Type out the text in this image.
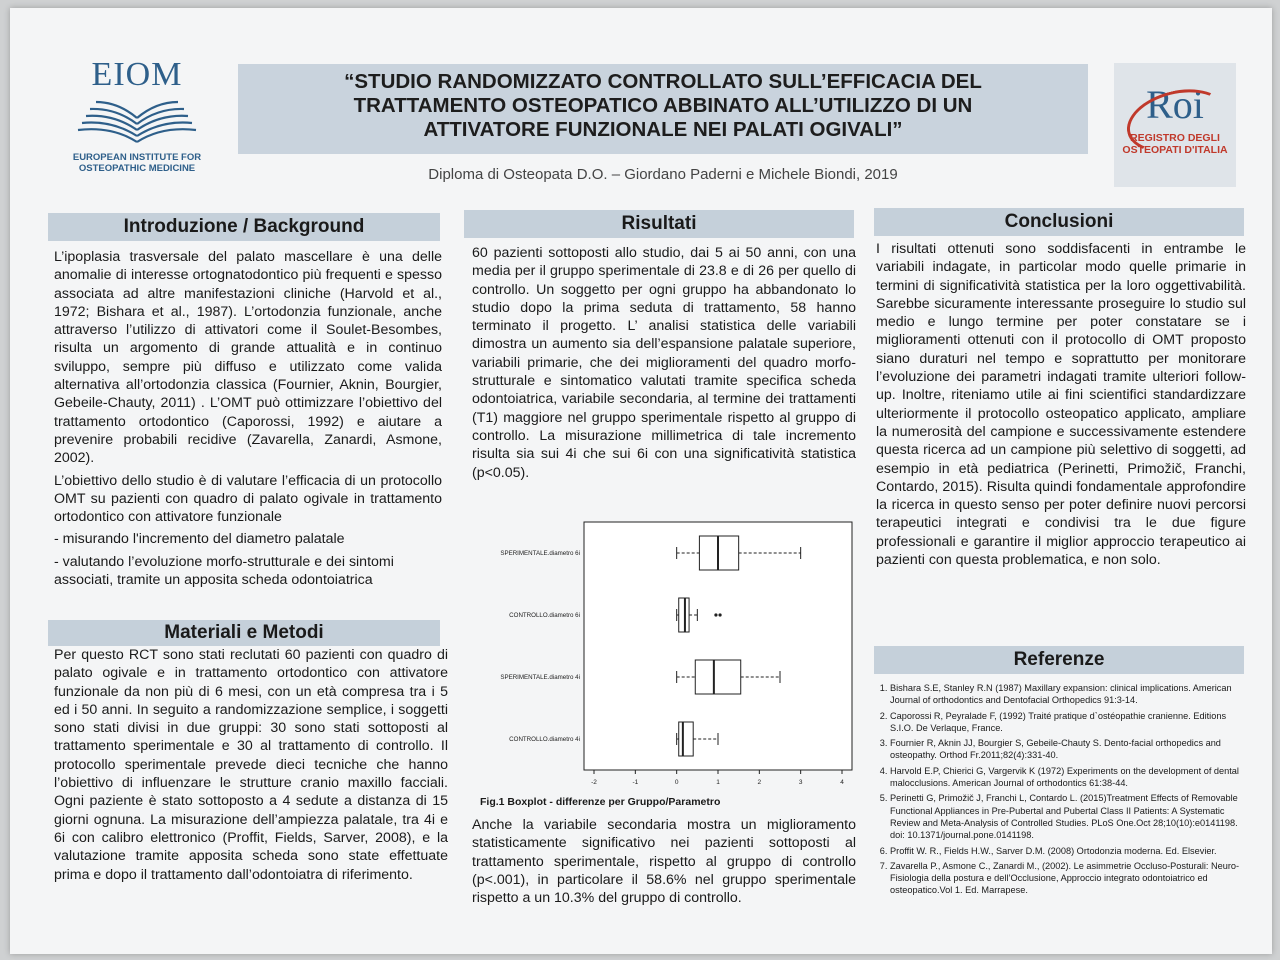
EIOM
EUROPEAN INSTITUTE FOR
OSTEOPATHIC MEDICINE
“STUDIO RANDOMIZZATO CONTROLLATO SULL’EFFICACIA DEL
TRATTAMENTO OSTEOPATICO ABBINATO ALL’UTILIZZO DI UN
ATTIVATORE FUNZIONALE NEI PALATI OGIVALI”
Diploma di Osteopata D.O. – Giordano Paderni e Michele Biondi, 2019
Roi
REGISTRO DEGLI
OSTEOPATI D'ITALIA
Introduzione / Background

L’ipoplasia trasversale del palato mascellare è una delle anomalie di interesse ortognatodontico più frequenti e spesso associata ad altre manifestazioni cliniche (Harvold et al., 1972; Bishara et al., 1987). L’ortodonzia funzionale, anche attraverso l’utilizzo di attivatori come il Soulet-Besombes, risulta un argomento di grande attualità e in continuo sviluppo, sempre più diffuso e utilizzato come valida alternativa all’ortodonzia classica (Fournier, Aknin, Bourgier, Gebeile-Chauty, 2011) . L’OMT può ottimizzare l’obiettivo del trattamento ortodontico (Caporossi, 1992) e aiutare a prevenire probabili recidive (Zavarella, Zanardi, Asmone, 2002).

L’obiettivo dello studio è di valutare l’efficacia di un protocollo OMT su pazienti con quadro di palato ogivale in trattamento ortodontico con attivatore funzionale

- misurando l'incremento del diametro palatale
- valutando l’evoluzione morfo-strutturale e dei sintomi associati, tramite un apposita scheda odontoiatrica
Materiali e Metodi

Per questo RCT sono stati reclutati 60 pazienti con quadro di palato ogivale e in trattamento ortodontico con attivatore funzionale da non più di 6 mesi, con un età compresa tra i 5 ed i 50 anni. In seguito a randomizzazione semplice, i soggetti sono stati divisi in due gruppi: 30 sono stati sottoposti al trattamento sperimentale e 30 al trattamento di controllo. Il protocollo sperimentale prevede dieci tecniche che hanno l’obiettivo di influenzare le strutture cranio maxillo facciali. Ogni paziente è stato sottoposto a 4 sedute a distanza di 15 giorni ognuna. La misurazione dell’ampiezza palatale, tra 4i e 6i con calibro elettronico (Proffit, Fields, Sarver, 2008), e la valutazione tramite apposita scheda sono state effettuate prima e dopo il trattamento dall’odontoiatra di riferimento.

Risultati

60 pazienti sottoposti allo studio, dai 5 ai 50 anni, con una media per il gruppo sperimentale di 23.8 e di 26 per quello di controllo. Un soggetto per ogni gruppo ha abbandonato lo studio dopo la prima seduta di trattamento, 58 hanno terminato il progetto. L’ analisi statistica delle variabili dimostra un aumento sia dell’espansione palatale superiore, variabili primarie, che dei miglioramenti del quadro morfo-strutturale e sintomatico valutati tramite specifica scheda odontoiatrica, variabile secondaria, al termine dei trattamenti (T1) maggiore nel gruppo sperimentale rispetto al gruppo di controllo. La misurazione millimetrica di tale incremento risulta sia sui 4i che sui 6i con una significatività statistica (p<0.05).

SPERIMENTALE.diametro 6i
CONTROLLO.diametro 6i
SPERIMENTALE.diametro 4i
CONTROLLO.diametro 4i
-2	-1	0	1	2	3	4
Fig.1 Boxplot - differenze per Gruppo/Parametro

Anche la variabile secondaria mostra un miglioramento statisticamente significativo nei pazienti sottoposti al trattamento sperimentale, rispetto al gruppo di controllo (p<.001), in particolare il 58.6% nel gruppo sperimentale rispetto a un 10.3% del gruppo di controllo.

Conclusioni

I risultati ottenuti sono soddisfacenti in entrambe le variabili indagate, in particolar modo quelle primarie in termini di significatività statistica per la loro oggettivabilità. Sarebbe sicuramente interessante proseguire lo studio sul medio e lungo termine per poter constatare se i miglioramenti ottenuti con il protocollo di OMT proposto siano duraturi nel tempo e soprattutto per monitorare l’evoluzione dei parametri indagati tramite ulteriori follow-up. Inoltre, riteniamo utile ai fini scientifici standardizzare ulteriormente il protocollo osteopatico applicato, ampliare la numerosità del campione e successivamente estendere questa ricerca ad un campione più selettivo di soggetti, ad esempio in età pediatrica (Perinetti, Primožič, Franchi, Contardo, 2015). Risulta quindi fondamentale approfondire la ricerca in questo senso per poter definire nuovi percorsi terapeutici integrati e condivisi tra le due figure professionali e garantire il miglior approccio terapeutico ai pazienti con questa problematica, e non solo.

Referenze
1. Bishara S.E, Stanley R.N (1987) Maxillary expansion: clinical implications. American Journal of orthodontics and Dentofacial Orthopedics 91:3-14.
2. Caporossi R, Peyralade F, (1992) Traité pratique d`ostéopathie cranienne. Editions S.I.O. De Verlaque, France.
3. Fournier R, Aknin JJ, Bourgier S, Gebeile-Chauty S. Dento-facial orthopedics and osteopathy. Orthod Fr.2011;82(4):331-40.
4. Harvold E.P, Chierici G, Vargervik K (1972) Experiments on the development of dental malocclusions. American Journal of orthodontics 61:38-44.
5. Perinetti G, Primožič J, Franchi L, Contardo L. (2015)Treatment Effects of Removable Functional Appliances in Pre-Pubertal and Pubertal Class II Patients: A Systematic Review and Meta-Analysis of Controlled Studies. PLoS One.Oct 28;10(10):e0141198. doi: 10.1371/journal.pone.0141198.
6. Proffit W. R., Fields H.W., Sarver D.M. (2008) Ortodonzia moderna. Ed. Elsevier.
7. Zavarella P., Asmone C., Zanardi M., (2002). Le asimmetrie Occluso-Posturali: Neuro-Fisiologia della postura e dell’Occlusione, Approccio integrato odontoiatrico ed osteopatico.Vol 1. Ed. Marrapese.
